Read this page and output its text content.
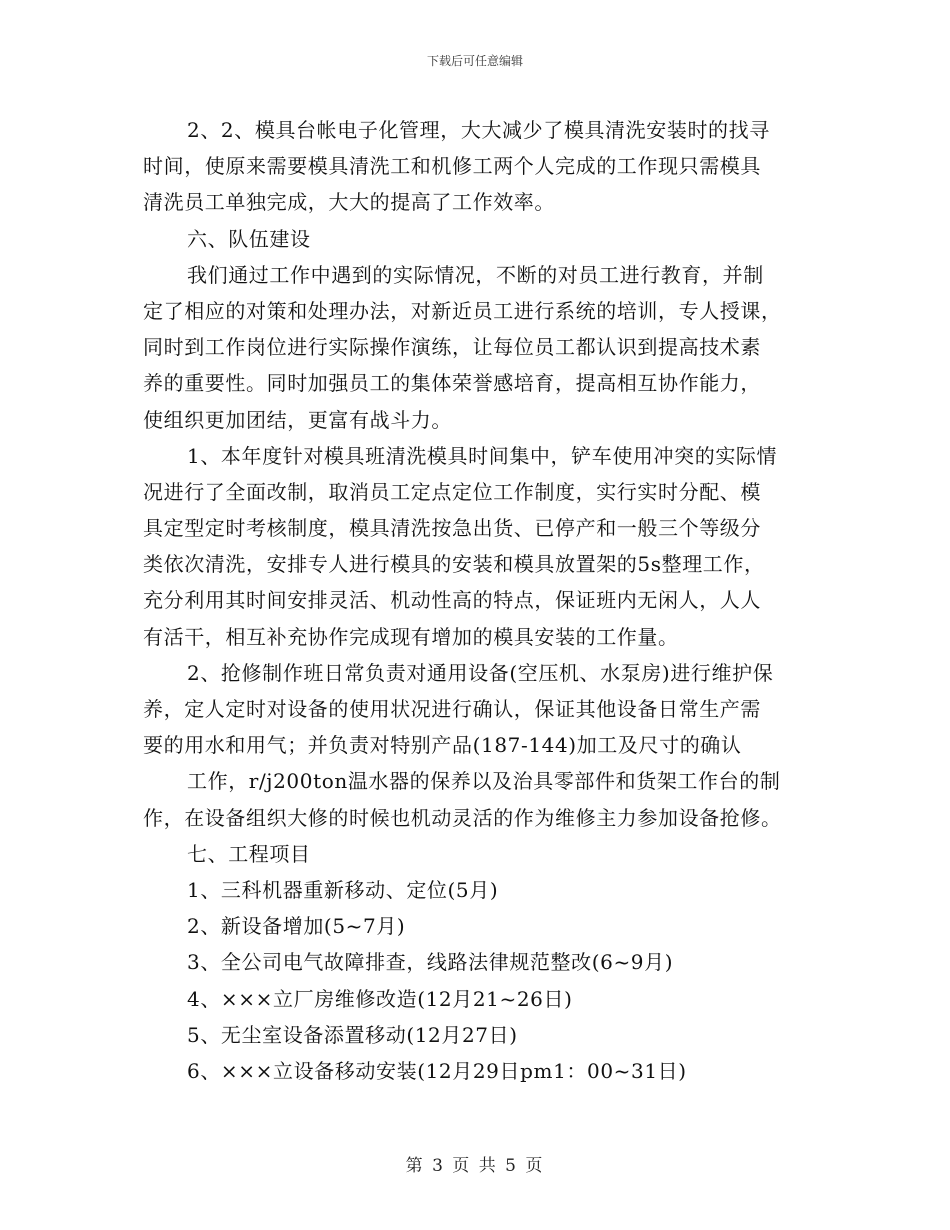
下载后可任意编辑
2、2、模具台帐电子化管理，大大减少了模具清洗安装时的找寻
时间，使原来需要模具清洗工和机修工两个人完成的工作现只需模具
清洗员工单独完成，大大的提高了工作效率。
六、队伍建设
我们通过工作中遇到的实际情况，不断的对员工进行教育，并制
定了相应的对策和处理办法，对新近员工进行系统的培训，专人授课，
同时到工作岗位进行实际操作演练，让每位员工都认识到提高技术素
养的重要性。同时加强员工的集体荣誉感培育，提高相互协作能力，
使组织更加团结，更富有战斗力。
1、本年度针对模具班清洗模具时间集中，铲车使用冲突的实际情
况进行了全面改制，取消员工定点定位工作制度，实行实时分配、模
具定型定时考核制度，模具清洗按急出货、已停产和一般三个等级分
类依次清洗，安排专人进行模具的安装和模具放置架的5s整理工作，
充分利用其时间安排灵活、机动性高的特点，保证班内无闲人，人人
有活干，相互补充协作完成现有增加的模具安装的工作量。
2、抢修制作班日常负责对通用设备(空压机、水泵房)进行维护保
养，定人定时对设备的使用状况进行确认，保证其他设备日常生产需
要的用水和用气；并负责对特别产品(187-144)加工及尺寸的确认
工作，r/j200ton温水器的保养以及治具零部件和货架工作台的制
作，在设备组织大修的时候也机动灵活的作为维修主力参加设备抢修。
七、工程项目
1、三科机器重新移动、定位(5月)
2、新设备增加(5~7月)
3、全公司电气故障排查，线路法律规范整改(6~9月)
4、×××立厂房维修改造(12月21~26日)
5、无尘室设备添置移动(12月27日)
6、×××立设备移动安装(12月29日pm1：00~31日)
第 3 页 共 5 页
